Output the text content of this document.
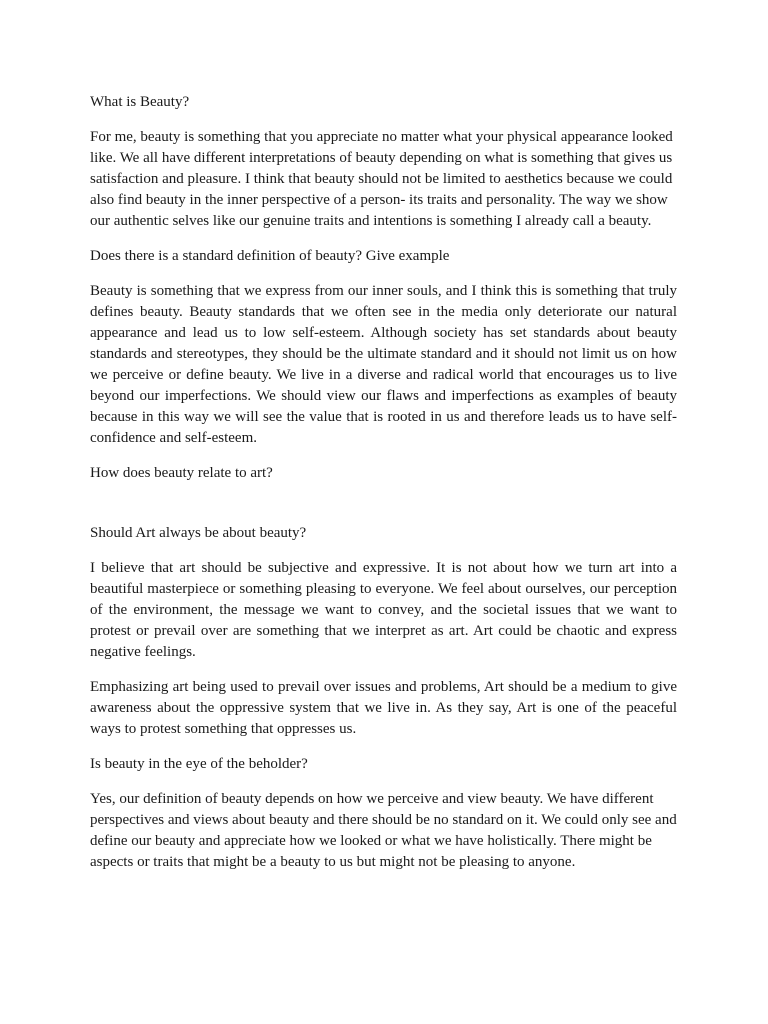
What is Beauty?
For me, beauty is something that you appreciate no matter what your physical appearance looked like. We all have different interpretations of beauty depending on what is something that gives us satisfaction and pleasure. I think that beauty should not be limited to aesthetics because we could also find beauty in the inner perspective of a person- its traits and personality. The way we show our authentic selves like our genuine traits and intentions is something I already call a beauty.
Does there is a standard definition of beauty? Give example
Beauty is something that we express from our inner souls, and I think this is something that truly defines beauty. Beauty standards that we often see in the media only deteriorate our natural appearance and lead us to low self-esteem. Although society has set standards about beauty standards and stereotypes, they should be the ultimate standard and it should not limit us on how we perceive or define beauty. We live in a diverse and radical world that encourages us to live beyond our imperfections. We should view our flaws and imperfections as examples of beauty because in this way we will see the value that is rooted in us and therefore leads us to have self-confidence and self-esteem.
How does beauty relate to art?
Should Art always be about beauty?
I believe that art should be subjective and expressive. It is not about how we turn art into a beautiful masterpiece or something pleasing to everyone. We feel about ourselves, our perception of the environment, the message we want to convey, and the societal issues that we want to protest or prevail over are something that we interpret as art. Art could be chaotic and express negative feelings.
Emphasizing art being used to prevail over issues and problems, Art should be a medium to give awareness about the oppressive system that we live in. As they say, Art is one of the peaceful ways to protest something that oppresses us.
Is beauty in the eye of the beholder?
Yes, our definition of beauty depends on how we perceive and view beauty. We have different perspectives and views about beauty and there should be no standard on it. We could only see and define our beauty and appreciate how we looked or what we have holistically. There might be aspects or traits that might be a beauty to us but might not be pleasing to anyone.
